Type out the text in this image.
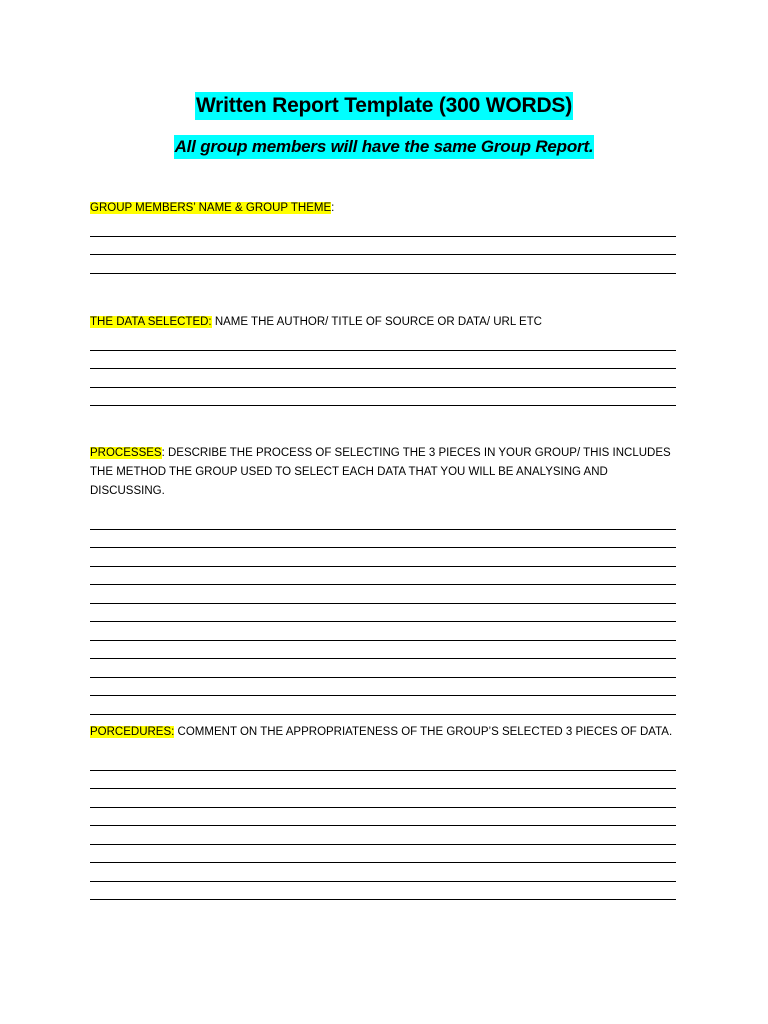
Written Report Template (300 WORDS)
All group members will have the same Group Report.

GROUP MEMBERS’ NAME & GROUP THEME:

THE DATA SELECTED: NAME THE AUTHOR/ TITLE OF SOURCE OR DATA/ URL ETC

PROCESSES: DESCRIBE THE PROCESS OF SELECTING THE 3 PIECES IN YOUR GROUP/ THIS INCLUDES THE METHOD THE GROUP USED TO SELECT EACH DATA THAT YOU WILL BE ANALYSING AND DISCUSSING.

PORCEDURES: COMMENT ON THE APPROPRIATENESS OF THE GROUP’S SELECTED 3 PIECES OF DATA.
